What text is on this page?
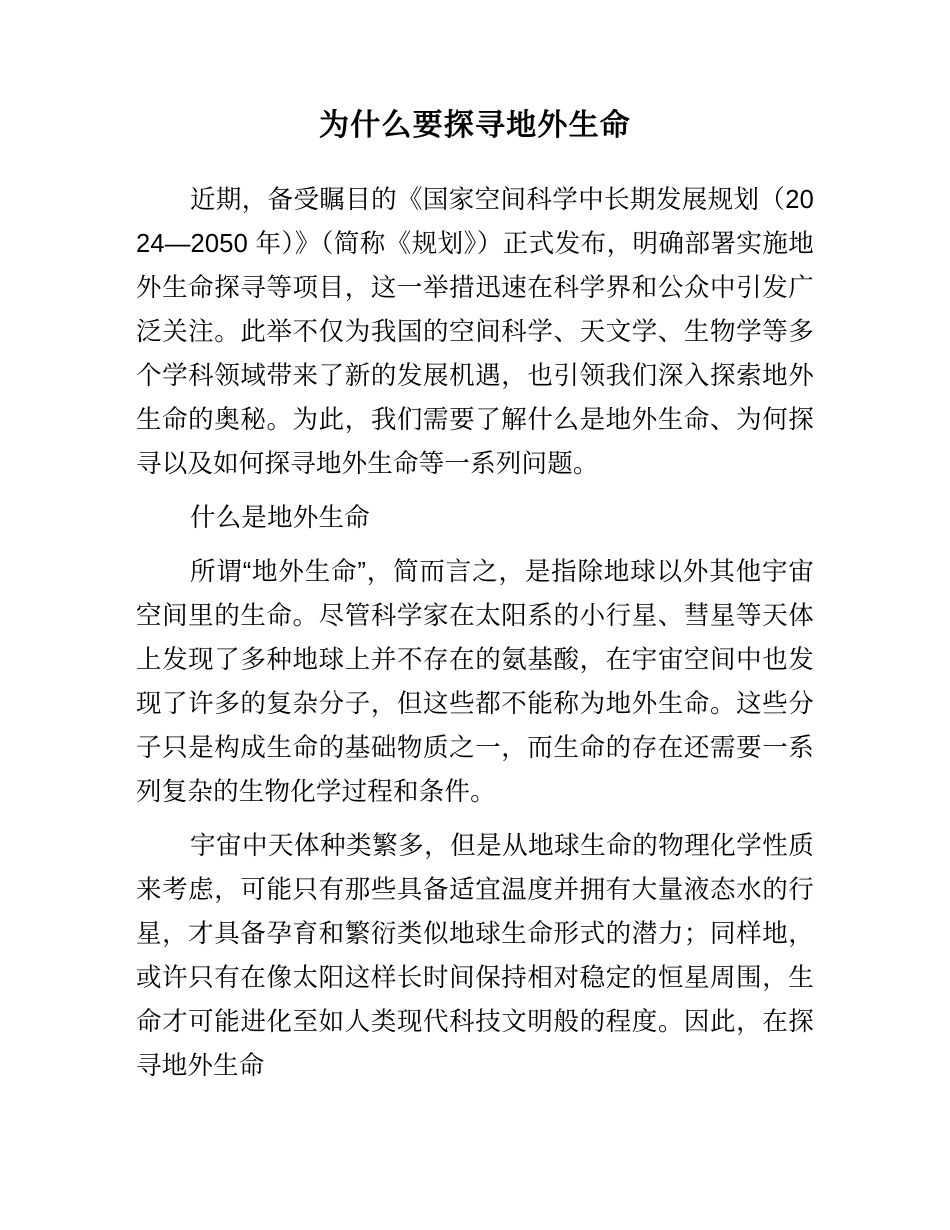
为什么要探寻地外生命

近期，备受瞩目的《国家空间科学中长期发展规划（2024—2050 年）》（简称《规划》）正式发布，明确部署实施地外生命探寻等项目，这一举措迅速在科学界和公众中引发广泛关注。此举不仅为我国的空间科学、天文学、生物学等多个学科领域带来了新的发展机遇，也引领我们深入探索地外生命的奥秘。为此，我们需要了解什么是地外生命、为何探寻以及如何探寻地外生命等一系列问题。

什么是地外生命

所谓“地外生命”，简而言之，是指除地球以外其他宇宙空间里的生命。尽管科学家在太阳系的小行星、彗星等天体上发现了多种地球上并不存在的氨基酸，在宇宙空间中也发现了许多的复杂分子，但这些都不能称为地外生命。这些分子只是构成生命的基础物质之一，而生命的存在还需要一系列复杂的生物化学过程和条件。

宇宙中天体种类繁多，但是从地球生命的物理化学性质来考虑，可能只有那些具备适宜温度并拥有大量液态水的行星，才具备孕育和繁衍类似地球生命形式的潜力；同样地，或许只有在像太阳这样长时间保持相对稳定的恒星周围，生命才可能进化至如人类现代科技文明般的程度。因此，在探寻地外生命
